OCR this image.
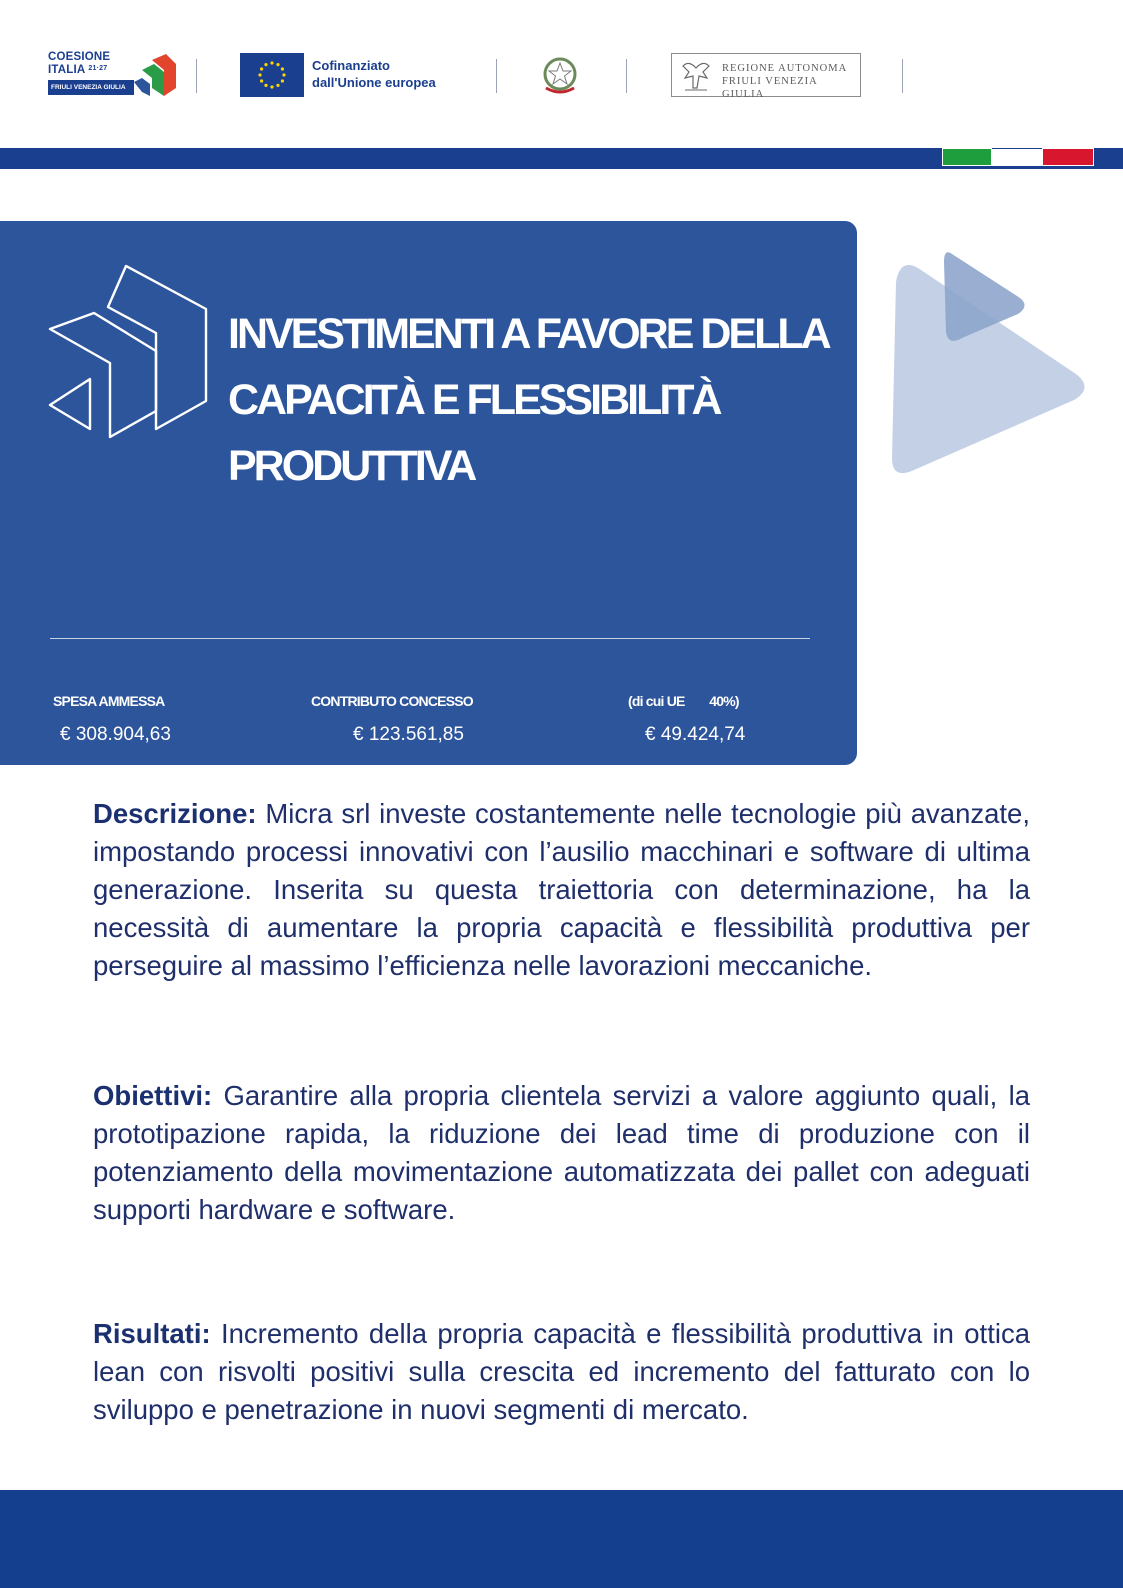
COESIONE
ITALIA $^{21\cdot 27}$
FRIULI VENEZIA GIULIA
Cofinanziato
dall'Unione europea
REGIONE AUTONOMA
FRIULI VENEZIA GIULIA
INVESTIMENTI A FAVORE DELLA
CAPACITÀ E FLESSIBILITÀ
PRODUTTIVA
SPESA AMMESSA
€ 308.904,63
CONTRIBUTO CONCESSO
€ 123.561,85
(di cui UE        40%)
€ 49.424,74
Descrizione: Micra srl investe costantemente nelle tecnologie più avanzate, impostando processi innovativi con l’ausilio macchinari e software di ultima generazione. Inserita su questa traiettoria con determinazione, ha la necessità di aumentare la propria capacità e flessibilità produttiva per perseguire al massimo l’efficienza nelle lavorazioni meccaniche.
Obiettivi: Garantire alla propria clientela servizi a valore aggiunto quali, la prototipazione rapida, la riduzione dei lead time di produzione con il potenziamento della movimentazione automatizzata dei pallet con adeguati supporti hardware e software.
Risultati: Incremento della propria capacità e flessibilità produttiva in ottica lean con risvolti positivi sulla crescita ed incremento del fatturato con lo sviluppo e penetrazione in nuovi segmenti di mercato.
